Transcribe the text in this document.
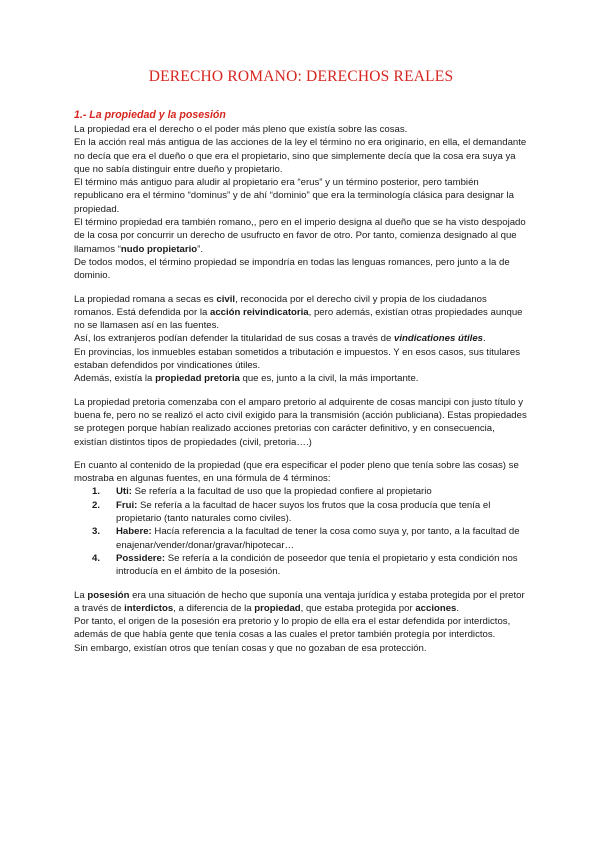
DERECHO ROMANO: DERECHOS REALES
1.- La propiedad y la posesión

La propiedad era el derecho o el poder más pleno que existía sobre las cosas.

En la acción real más antigua de las acciones de la ley el término no era originario, en ella, el demandante no decía que era el dueño o que era el propietario, sino que simplemente decía que la cosa era suya ya que no sabía distinguir entre dueño y propietario.

El término más antiguo para aludir al propietario era “erus” y un término posterior, pero también republicano era el término “dominus” y de ahí “dominio” que era la terminología clásica para designar la propiedad.

El término propiedad era también romano,, pero en el imperio designa al dueño que se ha visto despojado de la cosa por concurrir un derecho de usufructo en favor de otro. Por tanto, comienza designado al que llamamos “nudo propietario”.

De todos modos, el término propiedad se impondría en todas las lenguas romances, pero junto a la de dominio.

La propiedad romana a secas es civil, reconocida por el derecho civil y propia de los ciudadanos romanos. Está defendida por la acción reivindicatoria, pero además, existían otras propiedades aunque no se llamasen así en las fuentes.

Así, los extranjeros podían defender la titularidad de sus cosas a través de vindicationes útiles.

En provincias, los inmuebles estaban sometidos a tributación e impuestos. Y en esos casos, sus titulares estaban defendidos por vindicationes útiles.

Además, existía la propiedad pretoria que es, junto a la civil, la más importante.

La propiedad pretoria comenzaba con el amparo pretorio al adquirente de cosas mancipi con justo título y buena fe, pero no se realizó el acto civil exigido para la transmisión (acción publiciana). Estas propiedades se protegen porque habían realizado acciones pretorias con carácter definitivo, y en consecuencia, existían distintos tipos de propiedades (civil, pretoria….)

En cuanto al contenido de la propiedad (que era especificar el poder pleno que tenía sobre las cosas) se mostraba en algunas fuentes, en una fórmula de 4 términos:

1. Uti: Se refería a la facultad de uso que la propiedad confiere al propietario
2. Frui: Se refería a la facultad de hacer suyos los frutos que la cosa producía que tenía el propietario (tanto naturales como civiles).
3. Habere: Hacía referencia a la facultad de tener la cosa como suya y, por tanto, a la facultad de enajenar/vender/donar/gravar/hipotecar…
4. Possidere: Se refería a la condición de poseedor que tenía el propietario y esta condición nos introducía en el ámbito de la posesión.

La posesión era una situación de hecho que suponía una ventaja jurídica y estaba protegida por el pretor a través de interdictos, a diferencia de la propiedad, que estaba protegida por acciones.

Por tanto, el origen de la posesión era pretorio y lo propio de ella era el estar defendida por interdictos, además de que había gente que tenía cosas a las cuales el pretor también protegía por interdictos.

Sin embargo, existían otros que tenían cosas y que no gozaban de esa protección.
